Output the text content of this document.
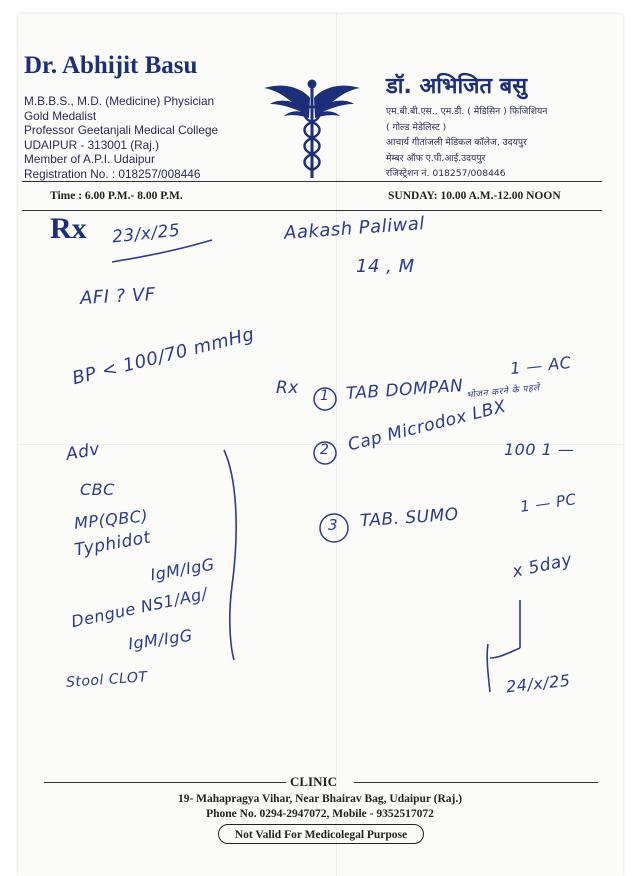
Dr. Abhijit Basu
M.B.B.S., M.D. (Medicine) Physician
Gold Medalist
Professor Geetanjali Medical College
UDAIPUR - 313001 (Raj.)
Member of A.P.I. Udaipur
Registration No. : 018257/008446
डॉ. अभिजित बसु
एम.बी.बी.एस., एम.डी. ( मेडिसिन ) फिजिशियन
( गोल्ड मेडेलिस्ट )
आचार्य गीतांजली मेडिकल कॉलेज, उदयपुर
मेम्बर ऑफ ए.पी.आई.उदयपुर
रजिस्ट्रेशन नं. 018257/008446
Time : 6.00 P.M.- 8.00 P.M.	SUNDAY: 10.00 A.M.-12.00 NOON
Rx 23/x/25	Aakash Paliwal
14 , M
AFI ? VF
BP < 100/70 mmHg
Adv
CBC
MP(QBC)
Typhidot
IgM/IgG
Dengue NS1/Ag/
IgM/IgG
Stool CLOT
Rx 1 TAB DOMPAN
1 — AC
भोजन करने के पहले
2 Cap Microdox LBX
100 1 —
3 TAB. SUMO
1 — PC
x 5day
24/x/25
CLINIC
19- Mahapragya Vihar, Near Bhairav Bag, Udaipur (Raj.)
Phone No. 0294-2947072, Mobile - 9352517072
Not Valid For Medicolegal Purpose
